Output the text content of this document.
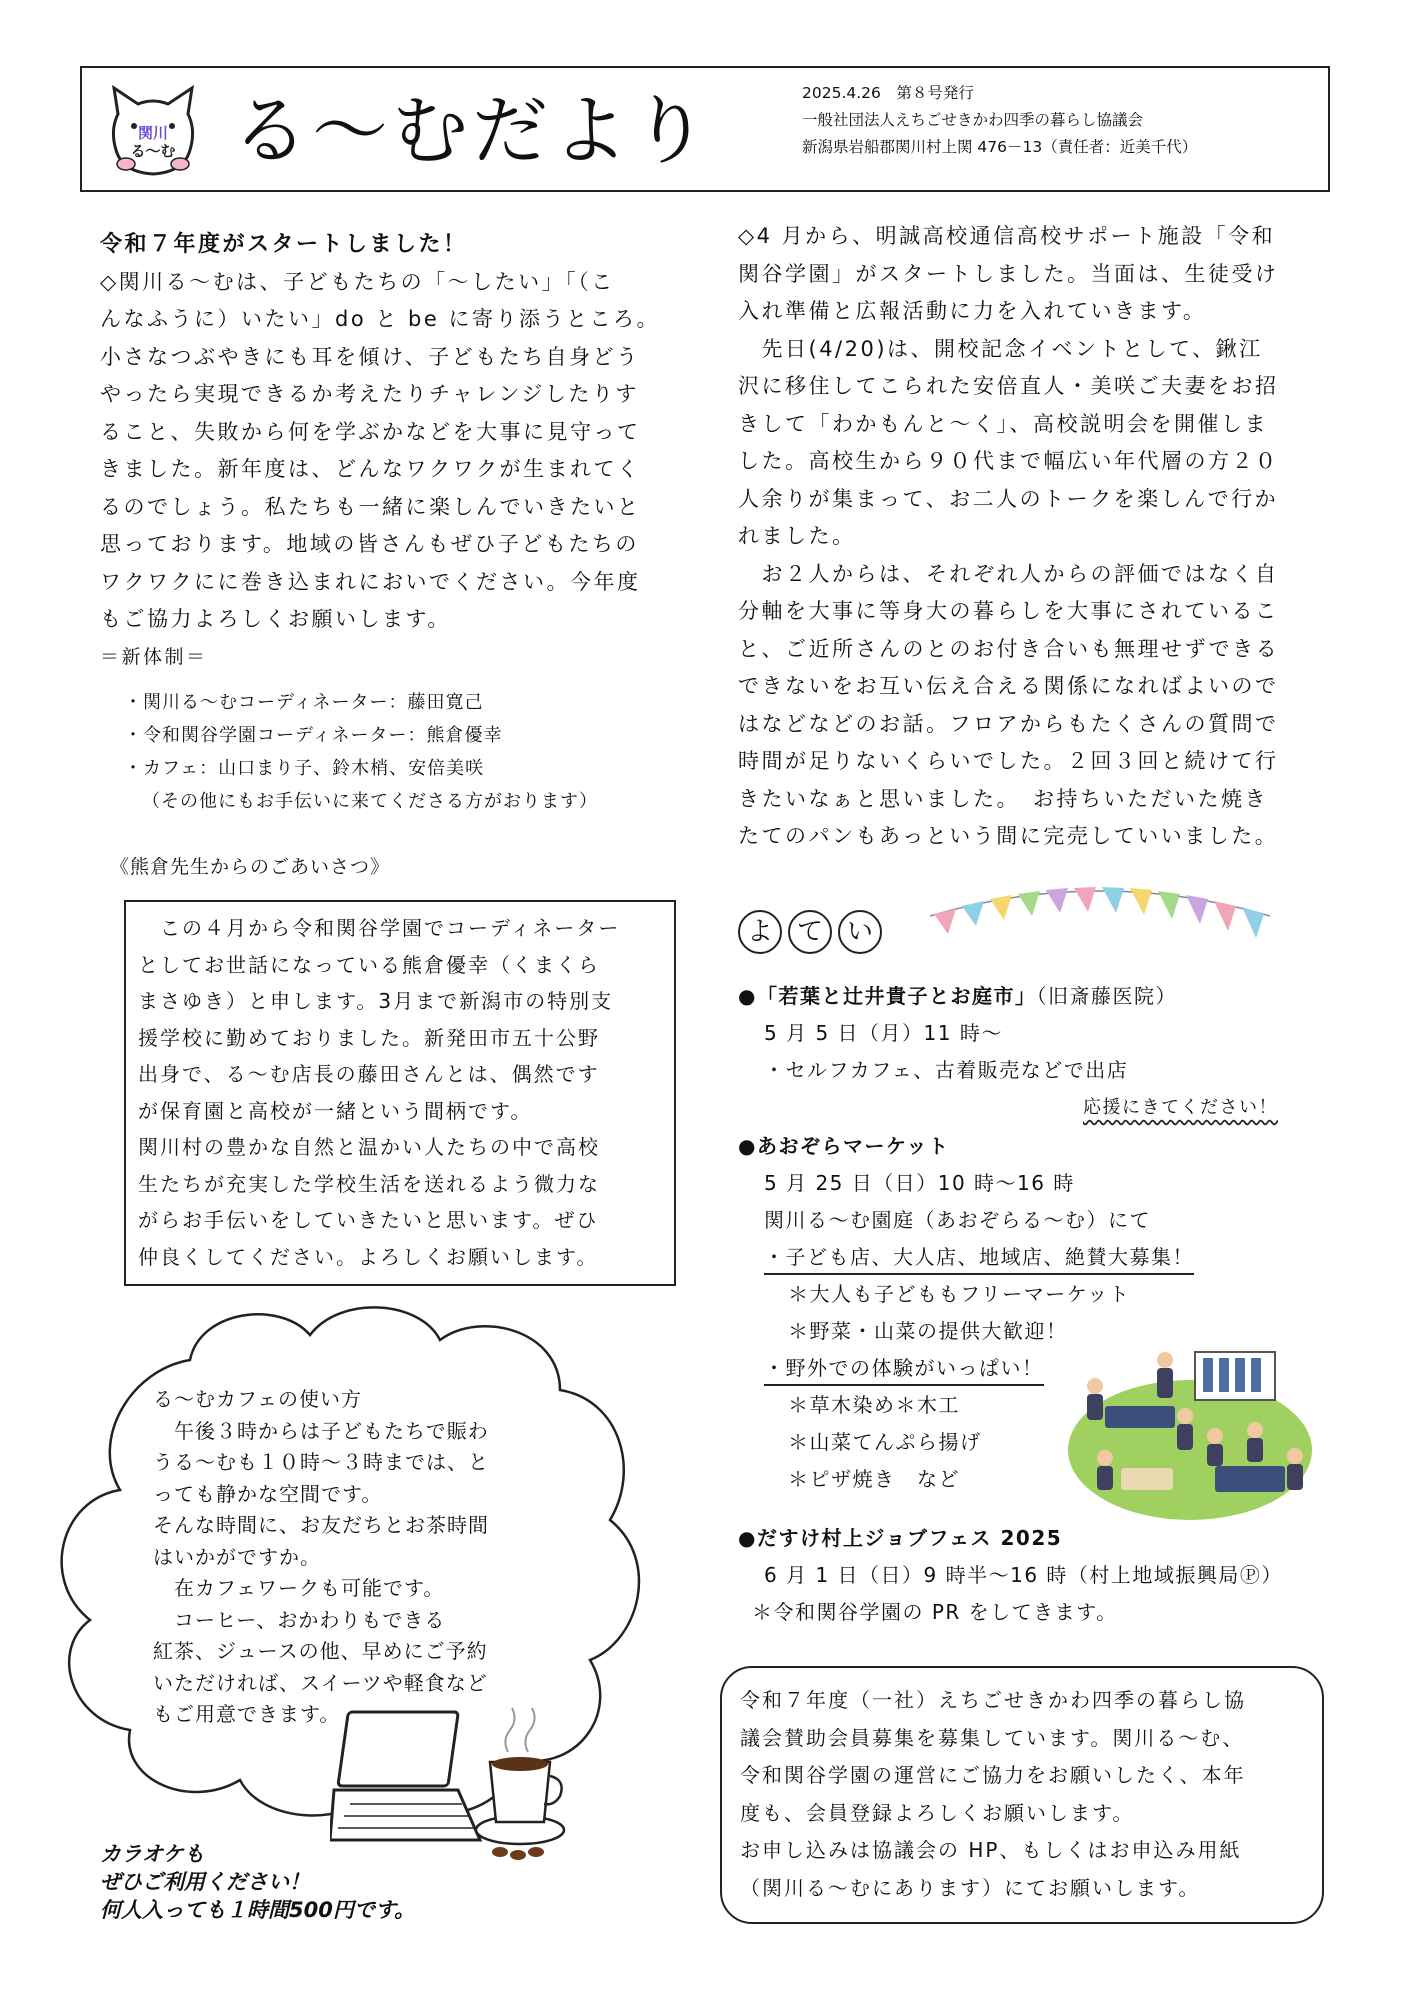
関川
る〜む る〜むだより	2025.4.26　第８号発行
一般社団法人えちごせきかわ四季の暮らし協議会
新潟県岩船郡関川村上関 476－13（責任者：近美千代）
令和７年度がスタートしました！
◇関川る〜むは、子どもたちの「〜したい」「（こ
んなふうに）いたい」do と be に寄り添うところ。
小さなつぶやきにも耳を傾け、子どもたち自身どう
やったら実現できるか考えたりチャレンジしたりす
ること、失敗から何を学ぶかなどを大事に見守って
きました。新年度は、どんなワクワクが生まれてく
るのでしょう。私たちも一緒に楽しんでいきたいと
思っております。地域の皆さんもぜひ子どもたちの
ワクワクにに巻き込まれにおいでください。今年度
もご協力よろしくお願いします。
＝新体制＝
・関川る〜むコーディネーター：藤田寛己
・令和関谷学園コーディネーター：熊倉優幸
・カフェ：山口まり子、鈴木梢、安倍美咲
（その他にもお手伝いに来てくださる方がおります）
《熊倉先生からのごあいさつ》
　この４月から令和関谷学園でコーディネーター
としてお世話になっている熊倉優幸（くまくら
まさゆき）と申します。3月まで新潟市の特別支
援学校に勤めておりました。新発田市五十公野
出身で、る〜む店長の藤田さんとは、偶然です
が保育園と高校が一緒という間柄です。
関川村の豊かな自然と温かい人たちの中で高校
生たちが充実した学校生活を送れるよう微力な
がらお手伝いをしていきたいと思います。ぜひ
仲良くしてください。よろしくお願いします。
る〜むカフェの使い方
　午後３時からは子どもたちで賑わ
うる〜むも１０時〜３時までは、と
っても静かな空間です。
そんな時間に、お友だちとお茶時間
はいかがですか。
　在カフェワークも可能です。
　コーヒー、おかわりもできる
紅茶、ジュースの他、早めにご予約
いただければ、スイーツや軽食など
もご用意できます。
カラオケも
ぜひご利用ください！
何人入っても１時間500円です。
◇4 月から、明誠高校通信高校サポート施設「令和
関谷学園」がスタートしました。当面は、生徒受け
入れ準備と広報活動に力を入れていきます。
　先日(4/20)は、開校記念イベントとして、鍬江
沢に移住してこられた安倍直人・美咲ご夫妻をお招
きして「わかもんと〜く」、高校説明会を開催しま
した。高校生から９０代まで幅広い年代層の方２０
人余りが集まって、お二人のトークを楽しんで行か
れました。
　お２人からは、それぞれ人からの評価ではなく自
分軸を大事に等身大の暮らしを大事にされているこ
と、ご近所さんのとのお付き合いも無理せずできる
できないをお互い伝え合える関係になればよいので
はなどなどのお話。フロアからもたくさんの質問で
時間が足りないくらいでした。２回３回と続けて行
きたいなぁと思いました。　お持ちいただいた焼き
たてのパンもあっという間に完売していいました。
よ て い
●「若葉と辻井貴子とお庭市」（旧斎藤医院）
5 月 5 日（月）11 時〜
・セルフカフェ、古着販売などで出店
応援にきてください！
●あおぞらマーケット
5 月 25 日（日）10 時〜16 時
関川る〜む園庭（あおぞらる〜む）にて
・子ども店、大人店、地域店、絶賛大募集！
＊大人も子どももフリーマーケット
＊野菜・山菜の提供大歓迎！
・野外での体験がいっぱい！
＊草木染め＊木工
＊山菜てんぷら揚げ
＊ピザ焼き　など
●だすけ村上ジョブフェス 2025
6 月 1 日（日）9 時半〜16 時（村上地域振興局Ⓟ）
＊令和関谷学園の PR をしてきます。
令和７年度（一社）えちごせきかわ四季の暮らし協
議会賛助会員募集を募集しています。関川る〜む、
令和関谷学園の運営にご協力をお願いしたく、本年
度も、会員登録よろしくお願いします。
お申し込みは協議会の HP、もしくはお申込み用紙
（関川る〜むにあります）にてお願いします。
